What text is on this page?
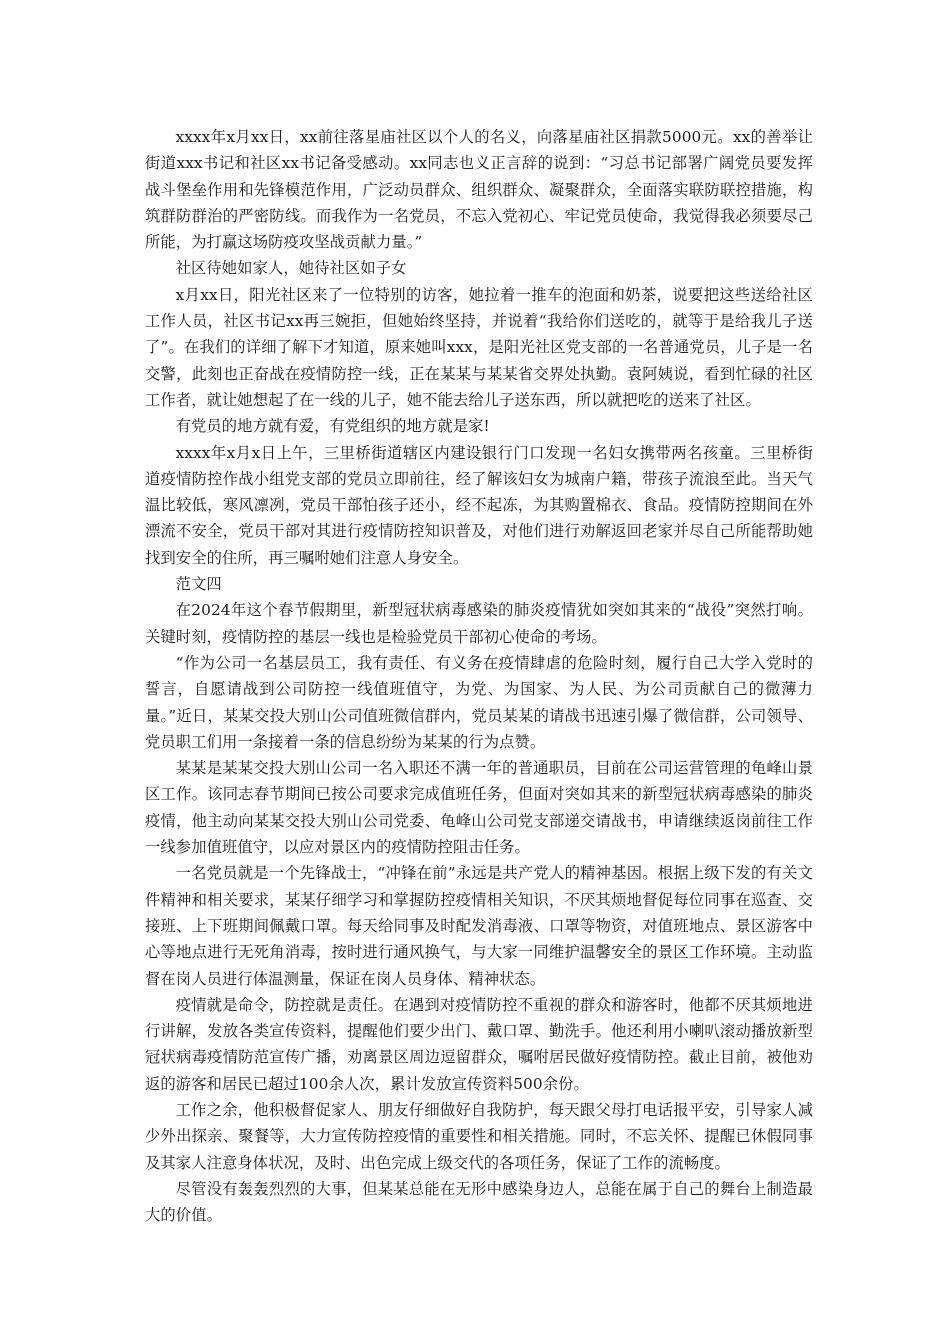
xxxx年x月xx日，xx前往落星庙社区以个人的名义，向落星庙社区捐款5000元。xx的善举让街道xxx书记和社区xx书记备受感动。xx同志也义正言辞的说到：“习总书记部署广阔党员要发挥战斗堡垒作用和先锋模范作用，广泛动员群众、组织群众、凝聚群众，全面落实联防联控措施，构筑群防群治的严密防线。而我作为一名党员，不忘入党初心、牢记党员使命，我觉得我必须要尽己所能，为打赢这场防疫攻坚战贡献力量。”

社区待她如家人，她待社区如子女

x月xx日，阳光社区来了一位特别的访客，她拉着一推车的泡面和奶茶，说要把这些送给社区工作人员，社区书记xx再三婉拒，但她始终坚持，并说着“我给你们送吃的，就等于是给我儿子送了”。在我们的详细了解下才知道，原来她叫xxx，是阳光社区党支部的一名普通党员，儿子是一名交警，此刻也正奋战在疫情防控一线，正在某某与某某省交界处执勤。袁阿姨说，看到忙碌的社区工作者，就让她想起了在一线的儿子，她不能去给儿子送东西，所以就把吃的送来了社区。

有党员的地方就有爱，有党组织的地方就是家!

xxxx年x月x日上午，三里桥街道辖区内建设银行门口发现一名妇女携带两名孩童。三里桥街道疫情防控作战小组党支部的党员立即前往，经了解该妇女为城南户籍，带孩子流浪至此。当天气温比较低，寒风凛冽，党员干部怕孩子还小，经不起冻，为其购置棉衣、食品。疫情防控期间在外漂流不安全，党员干部对其进行疫情防控知识普及，对他们进行劝解返回老家并尽自己所能帮助她找到安全的住所，再三嘱咐她们注意人身安全。

范文四

在2024年这个春节假期里，新型冠状病毒感染的肺炎疫情犹如突如其来的“战役”突然打响。关键时刻，疫情防控的基层一线也是检验党员干部初心使命的考场。

“作为公司一名基层员工，我有责任、有义务在疫情肆虐的危险时刻，履行自己大学入党时的誓言，自愿请战到公司防控一线值班值守，为党、为国家、为人民、为公司贡献自己的微薄力量。”近日，某某交投大别山公司值班微信群内，党员某某的请战书迅速引爆了微信群，公司领导、党员职工们用一条接着一条的信息纷纷为某某的行为点赞。

某某是某某交投大别山公司一名入职还不满一年的普通职员，目前在公司运营管理的龟峰山景区工作。该同志春节期间已按公司要求完成值班任务，但面对突如其来的新型冠状病毒感染的肺炎疫情，他主动向某某交投大别山公司党委、龟峰山公司党支部递交请战书，申请继续返岗前往工作一线参加值班值守，以应对景区内的疫情防控阻击任务。

一名党员就是一个先锋战士，“冲锋在前”永远是共产党人的精神基因。根据上级下发的有关文件精神和相关要求，某某仔细学习和掌握防控疫情相关知识，不厌其烦地督促每位同事在巡查、交接班、上下班期间佩戴口罩。每天给同事及时配发消毒液、口罩等物资，对值班地点、景区游客中心等地点进行无死角消毒，按时进行通风换气，与大家一同维护温馨安全的景区工作环境。主动监督在岗人员进行体温测量，保证在岗人员身体、精神状态。

疫情就是命令，防控就是责任。在遇到对疫情防控不重视的群众和游客时，他都不厌其烦地进行讲解，发放各类宣传资料，提醒他们要少出门、戴口罩、勤洗手。他还利用小喇叭滚动播放新型冠状病毒疫情防范宣传广播，劝离景区周边逗留群众，嘱咐居民做好疫情防控。截止目前，被他劝返的游客和居民已超过100余人次，累计发放宣传资料500余份。

工作之余，他积极督促家人、朋友仔细做好自我防护，每天跟父母打电话报平安，引导家人减少外出探亲、聚餐等，大力宣传防控疫情的重要性和相关措施。同时，不忘关怀、提醒已休假同事及其家人注意身体状况，及时、出色完成上级交代的各项任务，保证了工作的流畅度。

尽管没有轰轰烈烈的大事，但某某总能在无形中感染身边人，总能在属于自己的舞台上制造最大的价值。
